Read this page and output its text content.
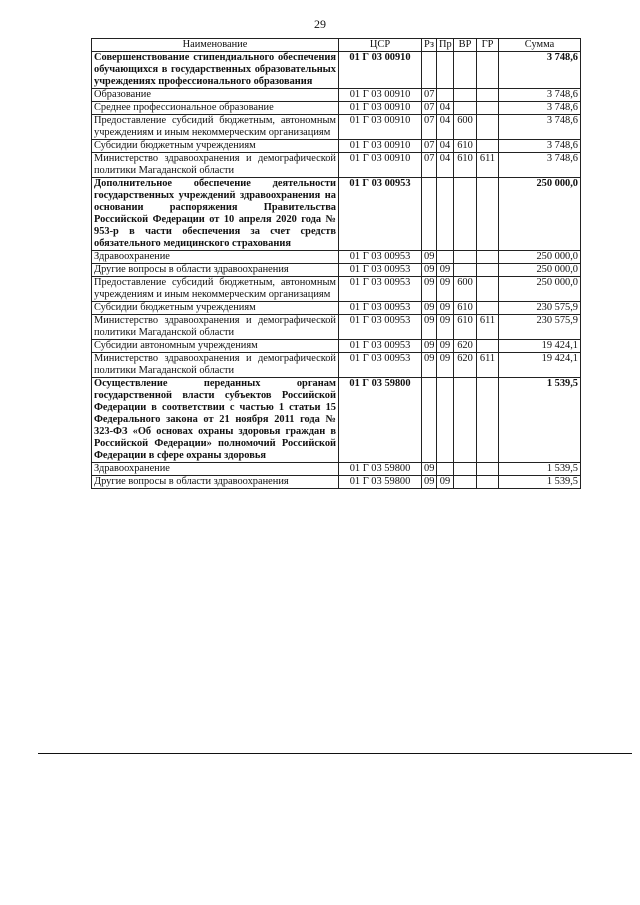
29
Наименование	ЦСР	Рз	Пр	ВР	ГР	Сумма
Совершенствование стипендиального обеспечения обучающихся в государственных образовательных учреждениях профессионального образования	01 Г 03 00910					3 748,6
Образование	01 Г 03 00910	07				3 748,6
Среднее профессиональное образование	01 Г 03 00910	07	04			3 748,6
Предоставление субсидий бюджетным, автономным учреждениям и иным некоммерческим организациям	01 Г 03 00910	07	04	600		3 748,6
Субсидии бюджетным учреждениям	01 Г 03 00910	07	04	610		3 748,6
Министерство здравоохранения и демографической политики Магаданской области	01 Г 03 00910	07	04	610	611	3 748,6
Дополнительное обеспечение деятельности государственных учреждений здравоохранения на основании распоряжения Правительства Российской Федерации от 10 апреля 2020 года № 953-р в части обеспечения за счет средств обязательного медицинского страхования	01 Г 03 00953					250 000,0
Здравоохранение	01 Г 03 00953	09				250 000,0
Другие вопросы в области здравоохранения	01 Г 03 00953	09	09			250 000,0
Предоставление субсидий бюджетным, автономным учреждениям и иным некоммерческим организациям	01 Г 03 00953	09	09	600		250 000,0
Субсидии бюджетным учреждениям	01 Г 03 00953	09	09	610		230 575,9
Министерство здравоохранения и демографической политики Магаданской области	01 Г 03 00953	09	09	610	611	230 575,9
Субсидии автономным учреждениям	01 Г 03 00953	09	09	620		19 424,1
Министерство здравоохранения и демографической политики Магаданской области	01 Г 03 00953	09	09	620	611	19 424,1
Осуществление переданных органам государственной власти субъектов Российской Федерации в соответствии с частью 1 статьи 15 Федерального закона от 21 ноября 2011 года № 323-ФЗ «Об основах охраны здоровья граждан в Российской Федерации» полномочий Российской Федерации в сфере охраны здоровья	01 Г 03 59800					1 539,5
Здравоохранение	01 Г 03 59800	09				1 539,5
Другие вопросы в области здравоохранения	01 Г 03 59800	09	09			1 539,5
